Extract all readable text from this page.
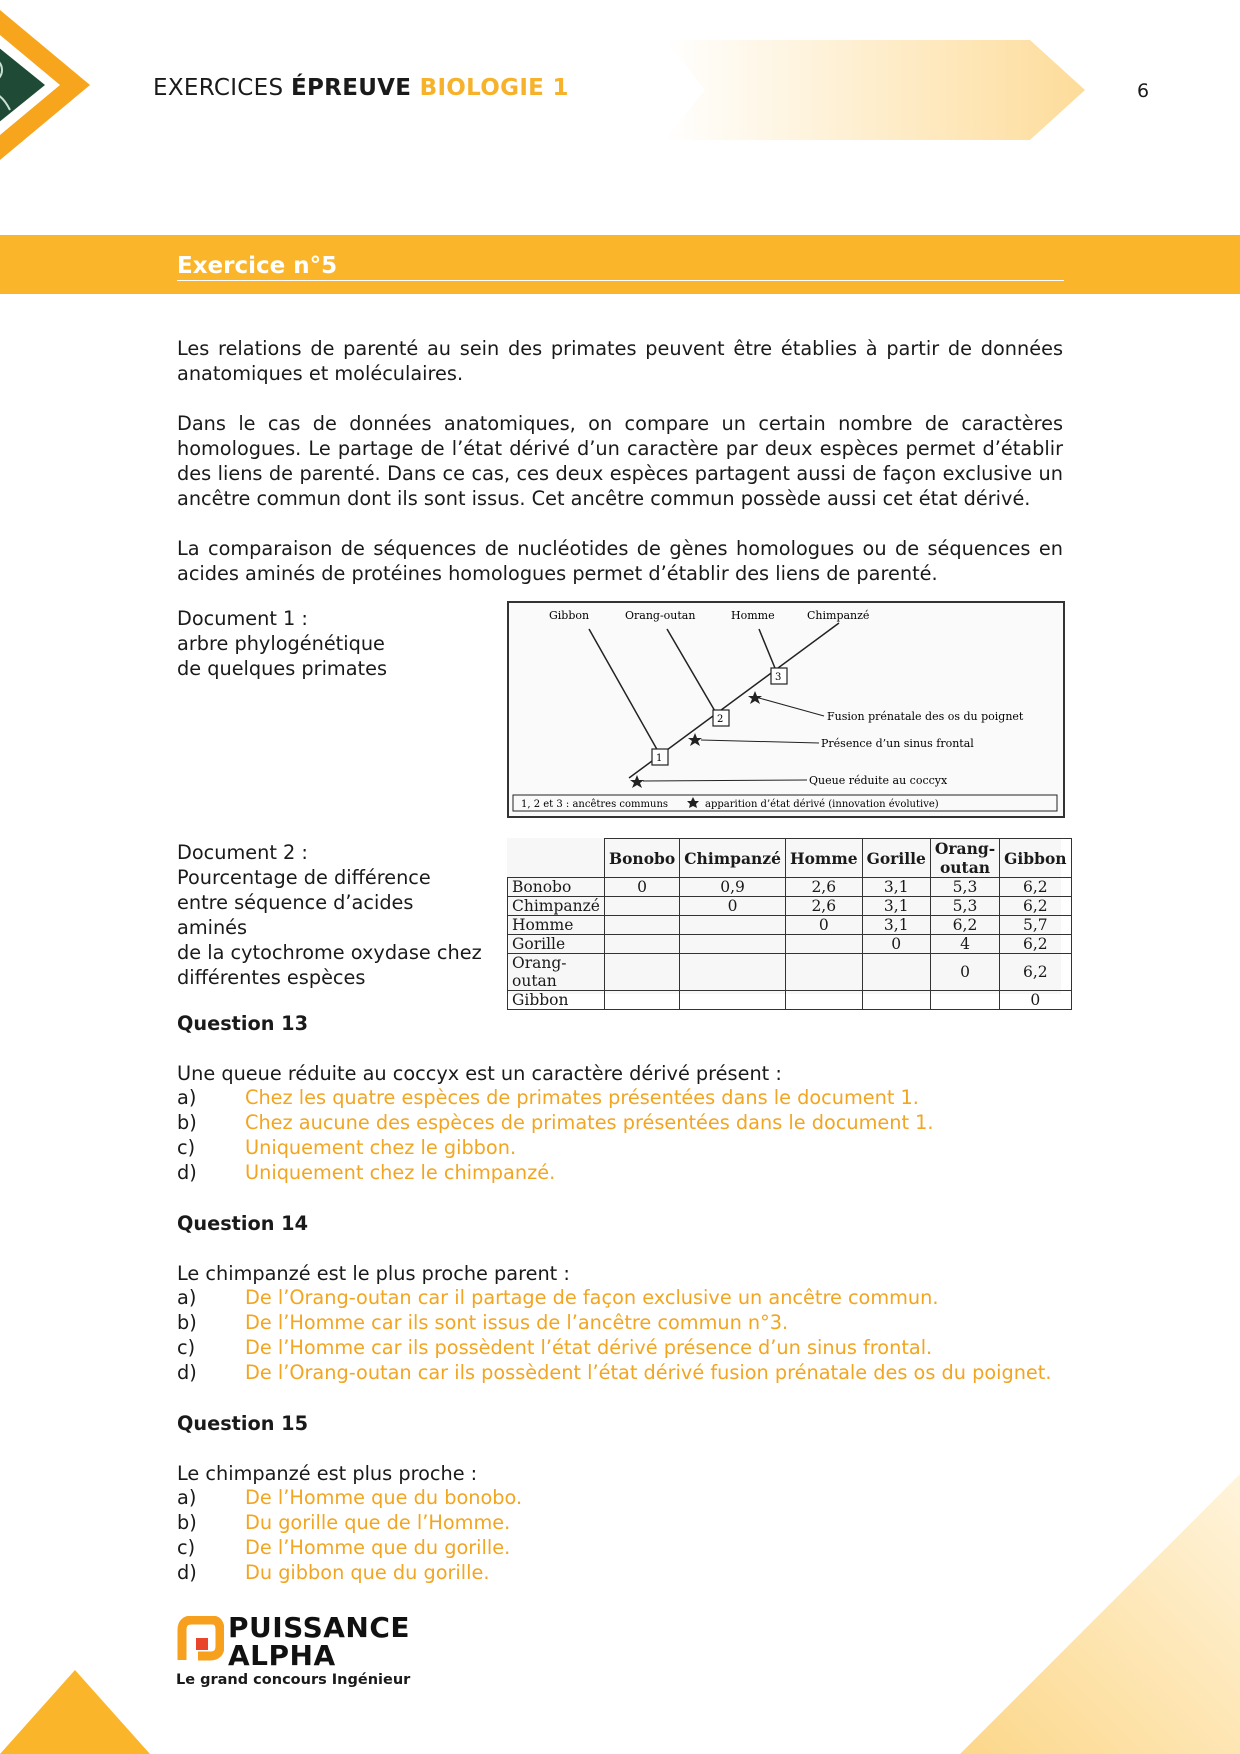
EXERCICES ÉPREUVE BIOLOGIE 1	6
Exercice n°5
Les relations de parenté au sein des primates peuvent être établies à partir de données anatomiques et moléculaires.
Dans le cas de données anatomiques, on compare un certain nombre de caractères homologues. Le partage de l’état dérivé d’un caractère par deux espèces permet d’établir des liens de parenté. Dans ce cas, ces deux espèces partagent aussi de façon exclusive un ancêtre commun dont ils sont issus. Cet ancêtre commun possède aussi cet état dérivé.
La comparaison de séquences de nucléotides de gènes homologues ou de séquences en acides aminés de protéines homologues permet d’établir des liens de parenté.
Document 1 :
arbre phylogénétique
de quelques primates
Gibbon	Orang-outan	Homme	Chimpanzé
1
2
3
Fusion prénatale des os du poignet
Présence d’un sinus frontal
Queue réduite au coccyx
1, 2 et 3 : ancêtres communs	apparition d’état dérivé (innovation évolutive)
Document 2 :
Pourcentage de différence
entre séquence d’acides aminés
de la cytochrome oxydase chez
différentes espèces
	Bonobo	Chimpanzé	Homme	Gorille	Orang-outan	Gibbon
Bonobo	0	0,9	2,6	3,1	5,3	6,2
Chimpanzé		0	2,6	3,1	5,3	6,2
Homme			0	3,1	6,2	5,7
Gorille				0	4	6,2
Orang-outan					0	6,2
Gibbon						0
Question 13
Une queue réduite au coccyx est un caractère dérivé présent :
a)	Chez les quatre espèces de primates présentées dans le document 1.
b) Chez aucune des espèces de primates présentées dans le document 1.
c)	Uniquement chez le gibbon.
d) Uniquement chez le chimpanzé.
Question 14
Le chimpanzé est le plus proche parent :
a)	De l’Orang-outan car il partage de façon exclusive un ancêtre commun.
b) De l’Homme car ils sont issus de l’ancêtre commun n°3.
c)	De l’Homme car ils possèdent l’état dérivé présence d’un sinus frontal.
d) De l’Orang-outan car ils possèdent l’état dérivé fusion prénatale des os du poignet.
Question 15
Le chimpanzé est plus proche :
a)	De l’Homme que du bonobo.
b) Du gorille que de l’Homme.
c)	De l’Homme que du gorille.
d) Du gibbon que du gorille.
PUISSANCE
ALPHA
Le grand concours Ingénieur
